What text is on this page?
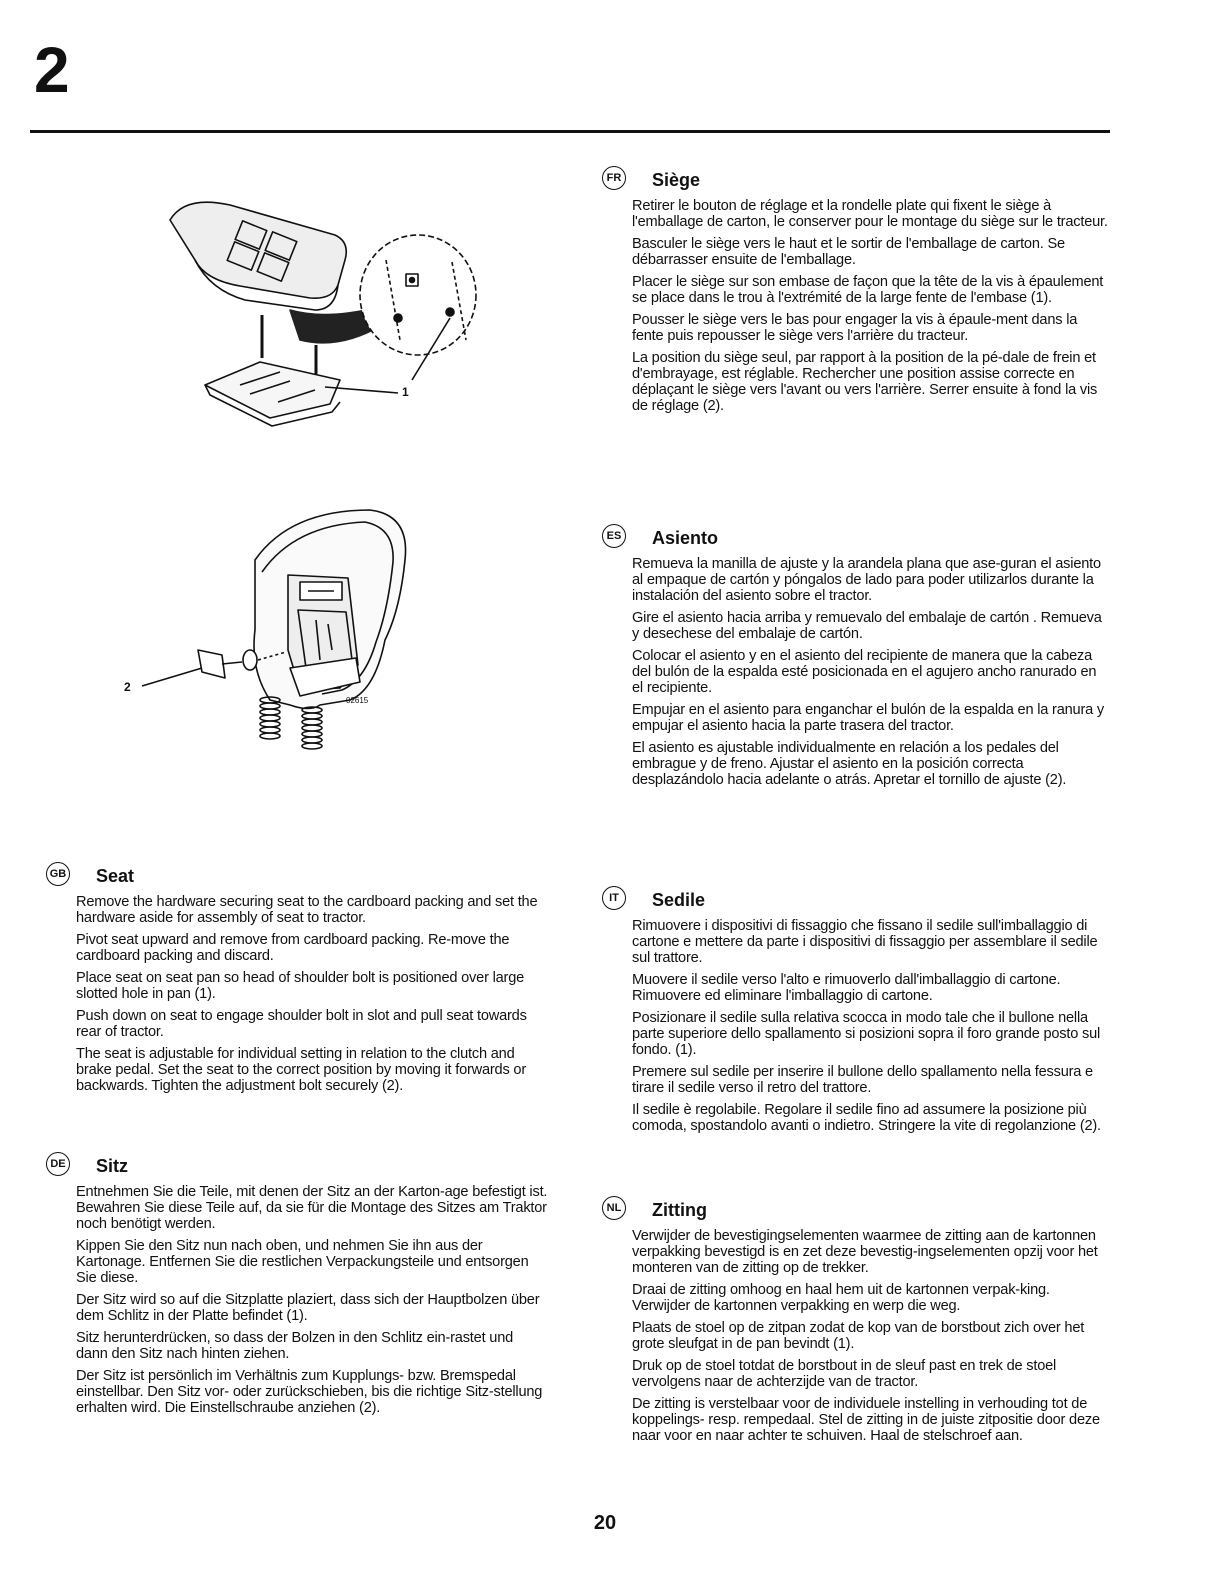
2
1
2
02615
GB Seat

Remove the hardware securing seat to the cardboard packing and set the hardware aside for assembly of seat to tractor.

Pivot seat upward and remove from cardboard packing. Re-move the cardboard packing and discard.

Place seat on seat pan so head of shoulder bolt is positioned over large slotted hole in pan (1).

Push down on seat to engage shoulder bolt in slot and pull seat towards rear of tractor.

The seat is adjustable for individual setting in relation to the clutch and brake pedal. Set the seat to the correct position by moving it forwards or backwards. Tighten the adjustment bolt securely (2).

DE Sitz

Entnehmen Sie die Teile, mit denen der Sitz an der Karton-age befestigt ist. Bewahren Sie diese Teile auf, da sie für die Montage des Sitzes am Traktor noch benötigt werden.

Kippen Sie den Sitz nun nach oben, und nehmen Sie ihn aus der Kartonage. Entfernen Sie die restlichen Verpackungsteile und entsorgen Sie diese.

Der Sitz wird so auf die Sitzplatte plaziert, dass sich der Hauptbolzen über dem Schlitz in der Platte befindet (1).

Sitz herunterdrücken, so dass der Bolzen in den Schlitz ein-rastet und dann den Sitz nach hinten ziehen.

Der Sitz ist persönlich im Verhältnis zum Kupplungs- bzw. Bremspedal einstellbar. Den Sitz vor- oder zurückschieben, bis die richtige Sitz-stellung erhalten wird. Die Einstellschraube anziehen (2).

FR Siège

Retirer le bouton de réglage et la rondelle plate qui fixent le siège à l'emballage de carton, le conserver pour le montage du siège sur le tracteur.

Basculer le siège vers le haut et le sortir de l'emballage de carton. Se débarrasser ensuite de l'emballage.

Placer le siège sur son embase de façon que la tête de la vis à épaulement se place dans le trou à l'extrémité de la large fente de l'embase (1).

Pousser le siège vers le bas pour engager la vis à épaule-ment dans la fente puis repousser le siège vers l'arrière du tracteur.

La position du siège seul, par rapport à la position de la pé-dale de frein et d'embrayage, est réglable. Rechercher une position assise correcte en déplaçant le siège vers l'avant ou vers l'arrière. Serrer ensuite à fond la vis de réglage (2).

ES Asiento

Remueva la manilla de ajuste y la arandela plana que ase-guran el asiento al empaque de cartón y póngalos de lado para poder utilizarlos durante la instalación del asiento sobre el tractor.

Gire el asiento hacia arriba y remuevalo del embalaje de cartón . Remueva y desechese del embalaje de cartón.

Colocar el asiento y en el asiento del recipiente de manera que la cabeza del bulón de la espalda esté posicionada en el agujero ancho ranurado en el recipiente.

Empujar en el asiento para enganchar el bulón de la espalda en la ranura y empujar el asiento hacia la parte trasera del tractor.

El asiento es ajustable individualmente en relación a los pedales del embrague y de freno. Ajustar el asiento en la posición correcta desplazándolo hacia adelante o atrás. Apretar el tornillo de ajuste (2).

IT	Sedile

Rimuovere i dispositivi di fissaggio che fissano il sedile sull'imballaggio di cartone e mettere da parte i dispositivi di fissaggio per assemblare il sedile sul trattore.

Muovere il sedile verso l'alto e rimuoverlo dall'imballaggio di cartone. Rimuovere ed eliminare l'imballaggio di cartone.

Posizionare il sedile sulla relativa scocca in modo tale che il bullone nella parte superiore dello spallamento si posizioni sopra il foro grande posto sul fondo. (1).

Premere sul sedile per inserire il bullone dello spallamento nella fessura e tirare il sedile verso il retro del trattore.

Il sedile è regolabile. Regolare il sedile fino ad assumere la posizione più comoda, spostandolo avanti o indietro. Stringere la vite di regolanzione (2).

NL Zitting

Verwijder de bevestigingselementen waarmee de zitting aan de kartonnen verpakking bevestigd is en zet deze bevestig-ingselementen opzij voor het monteren van de zitting op de trekker.

Draai de zitting omhoog en haal hem uit de kartonnen verpak-king. Verwijder de kartonnen verpakking en werp die weg.

Plaats de stoel op de zitpan zodat de kop van de borstbout zich over het grote sleufgat in de pan bevindt (1).

Druk op de stoel totdat de borstbout in de sleuf past en trek de stoel vervolgens naar de achterzijde van de tractor.

De zitting is verstelbaar voor de individuele instelling in verhouding tot de koppelings- resp. rempedaal. Stel de zitting in de juiste zitpositie door deze naar voor en naar achter te schuiven. Haal de stelschroef aan.

20
